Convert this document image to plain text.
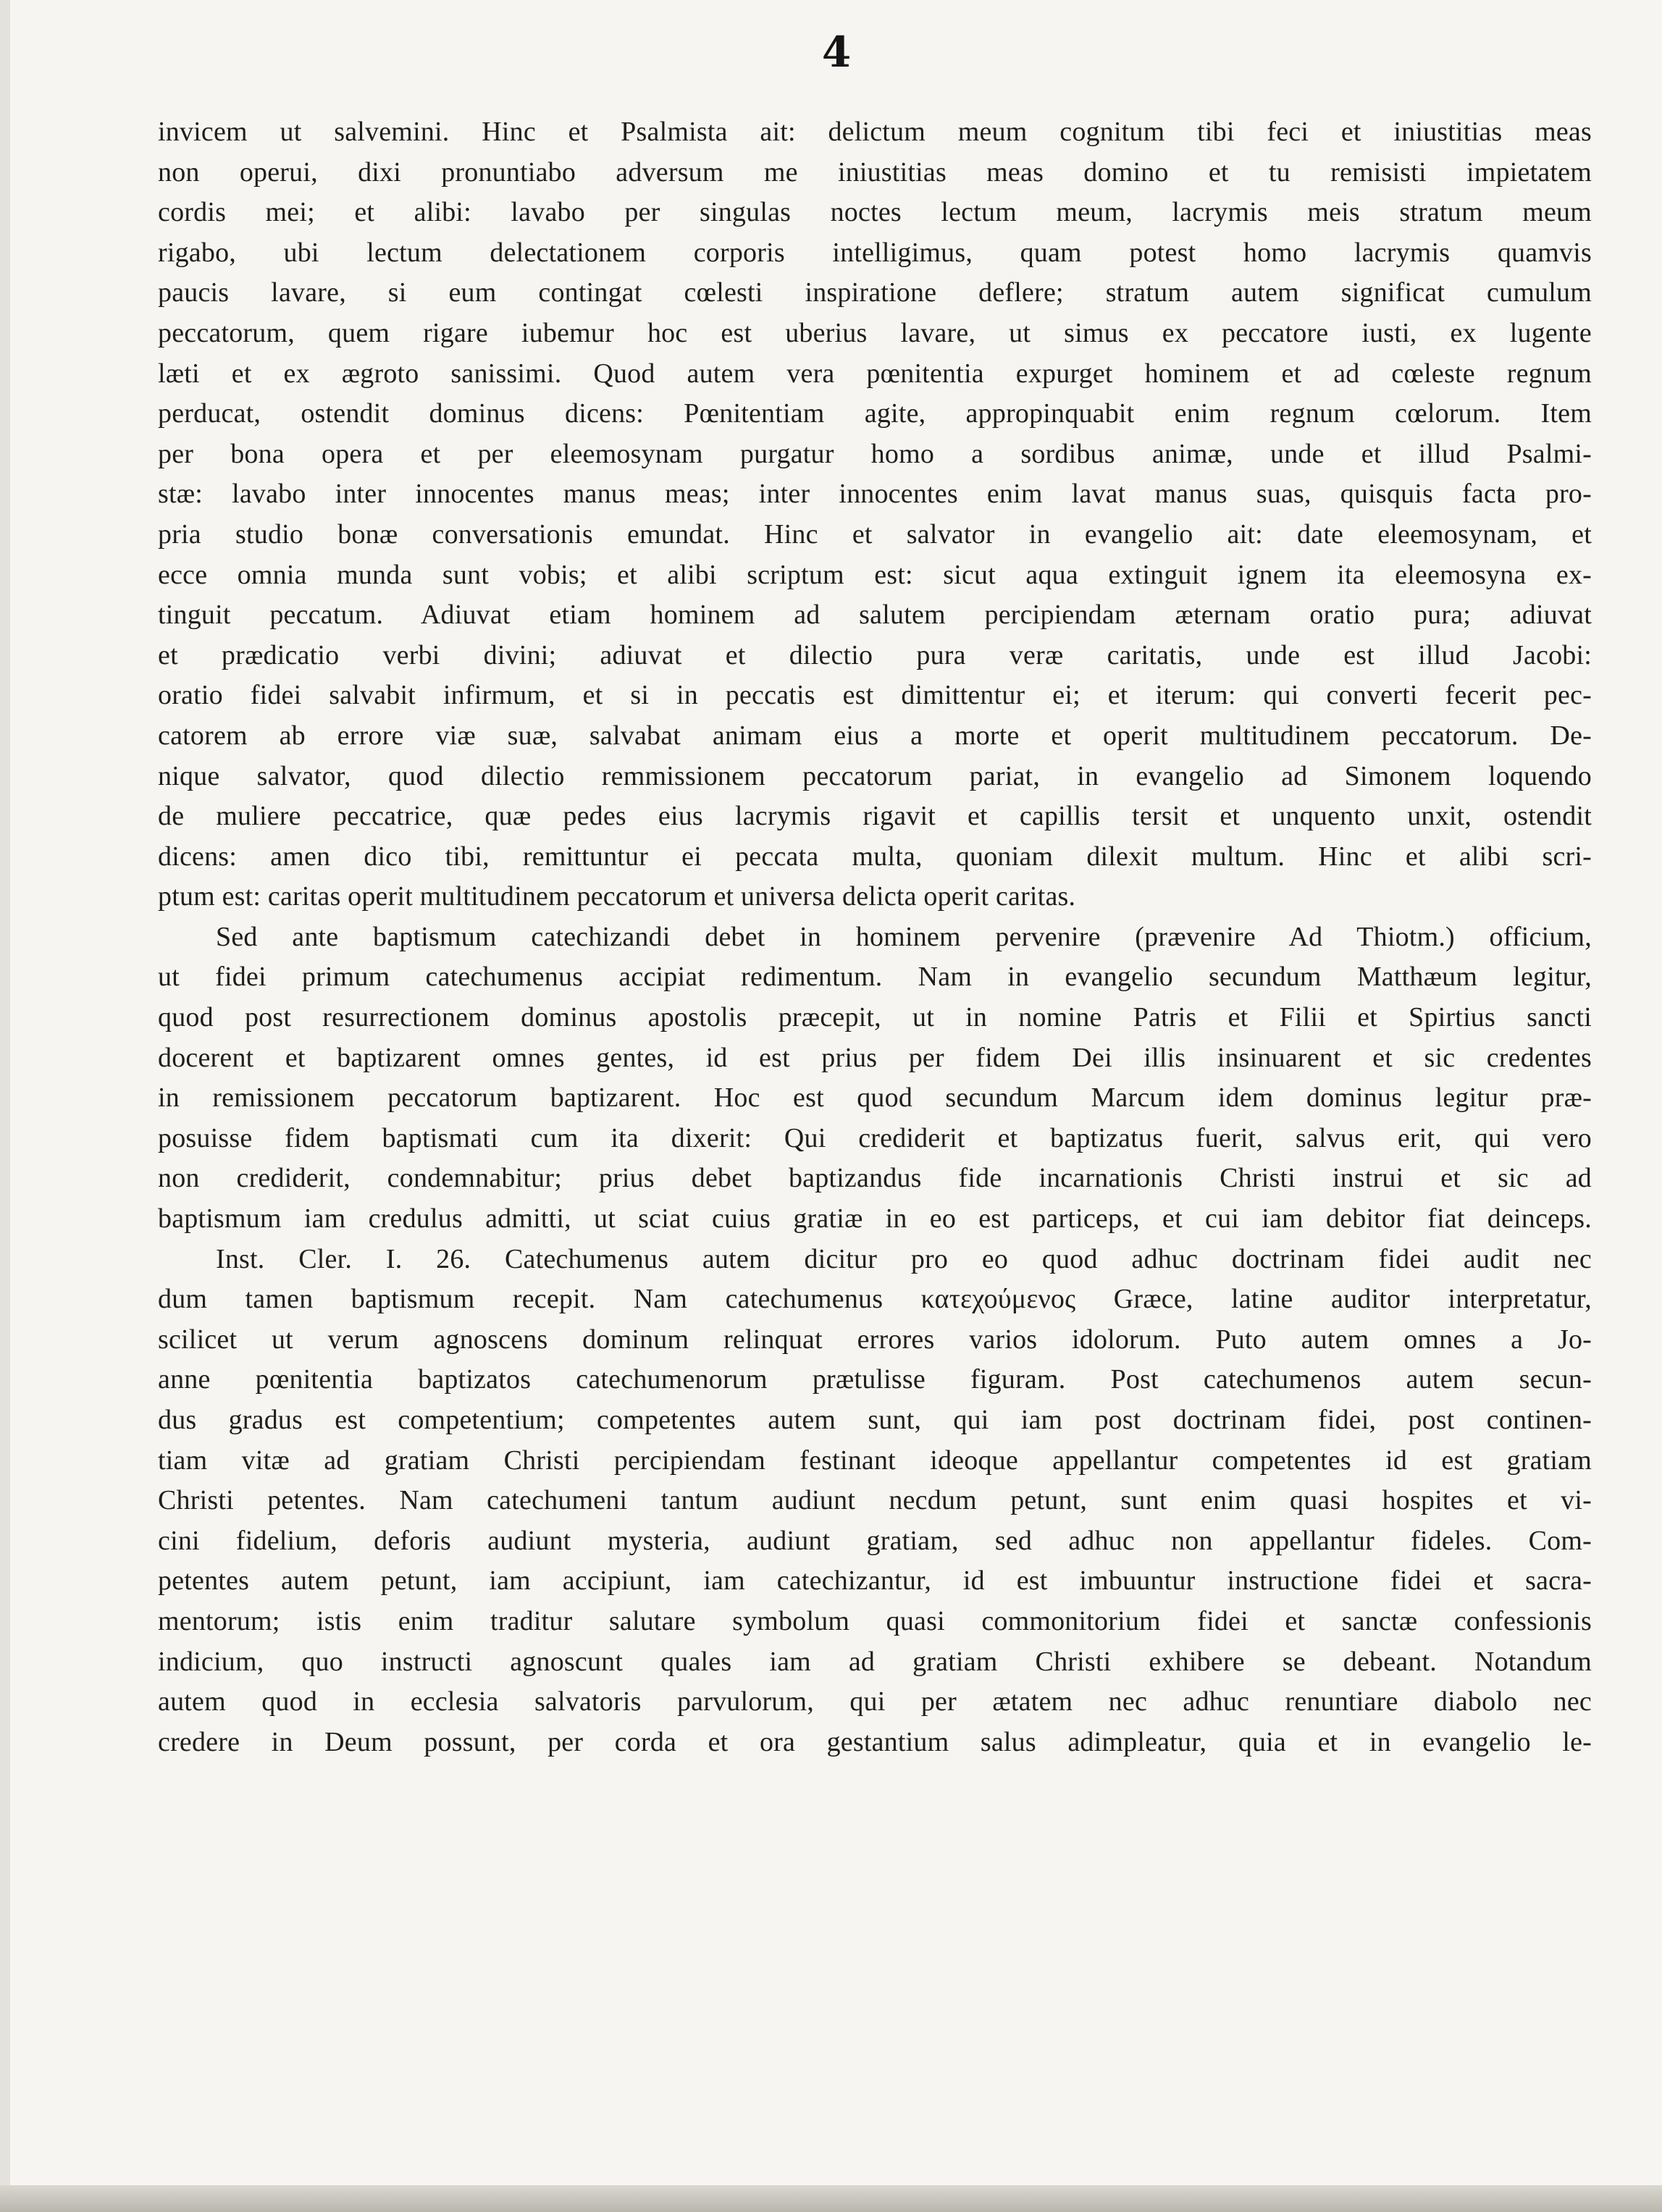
4
invicem ut salvemini. Hinc et Psalmista ait: delictum meum cognitum tibi feci et iniustitias meas
non operui, dixi pronuntiabo adversum me iniustitias meas domino et tu remisisti impietatem
cordis mei; et alibi: lavabo per singulas noctes lectum meum, lacrymis meis stratum meum
rigabo, ubi lectum delectationem corporis intelligimus, quam potest homo lacrymis quamvis
paucis lavare, si eum contingat cœlesti inspiratione deflere; stratum autem significat cumulum
peccatorum, quem rigare iubemur hoc est uberius lavare, ut simus ex peccatore iusti, ex lugente
læti et ex ægroto sanissimi. Quod autem vera pœnitentia expurget hominem et ad cœleste regnum
perducat, ostendit dominus dicens: Pœnitentiam agite, appropinquabit enim regnum cœlorum. Item
per bona opera et per eleemosynam purgatur homo a sordibus animæ, unde et illud Psalmi-
stæ: lavabo inter innocentes manus meas; inter innocentes enim lavat manus suas, quisquis facta pro-
pria studio bonæ conversationis emundat. Hinc et salvator in evangelio ait: date eleemosynam, et
ecce omnia munda sunt vobis; et alibi scriptum est: sicut aqua extinguit ignem ita eleemosyna ex-
tinguit peccatum. Adiuvat etiam hominem ad salutem percipiendam æternam oratio pura; adiuvat
et prædicatio verbi divini; adiuvat et dilectio pura veræ caritatis, unde est illud Jacobi:
oratio fidei salvabit infirmum, et si in peccatis est dimittentur ei; et iterum: qui converti fecerit pec-
catorem ab errore viæ suæ, salvabat animam eius a morte et operit multitudinem peccatorum. De-
nique salvator, quod dilectio remmissionem peccatorum pariat, in evangelio ad Simonem loquendo
de muliere peccatrice, quæ pedes eius lacrymis rigavit et capillis tersit et unquento unxit, ostendit
dicens: amen dico tibi, remittuntur ei peccata multa, quoniam dilexit multum. Hinc et alibi scri-
ptum est: caritas operit multitudinem peccatorum et universa delicta operit caritas.
Sed ante baptismum catechizandi debet in hominem pervenire (prævenire Ad Thiotm.) officium,
ut fidei primum catechumenus accipiat redimentum. Nam in evangelio secundum Matthæum legitur,
quod post resurrectionem dominus apostolis præcepit, ut in nomine Patris et Filii et Spirtius sancti
docerent et baptizarent omnes gentes, id est prius per fidem Dei illis insinuarent et sic credentes
in remissionem peccatorum baptizarent. Hoc est quod secundum Marcum idem dominus legitur præ-
posuisse fidem baptismati cum ita dixerit: Qui crediderit et baptizatus fuerit, salvus erit, qui vero
non crediderit, condemnabitur; prius debet baptizandus fide incarnationis Christi instrui et sic ad
baptismum iam credulus admitti, ut sciat cuius gratiæ in eo est particeps, et cui iam debitor fiat deinceps.
Inst. Cler. I. 26. Catechumenus autem dicitur pro eo quod adhuc doctrinam fidei audit nec
dum tamen baptismum recepit. Nam catechumenus κατεχούμενος Græce, latine auditor interpretatur,
scilicet ut verum agnoscens dominum relinquat errores varios idolorum. Puto autem omnes a Jo-
anne pœnitentia baptizatos catechumenorum prætulisse figuram. Post catechumenos autem secun-
dus gradus est competentium; competentes autem sunt, qui iam post doctrinam fidei, post continen-
tiam vitæ ad gratiam Christi percipiendam festinant ideoque appellantur competentes id est gratiam
Christi petentes. Nam catechumeni tantum audiunt necdum petunt, sunt enim quasi hospites et vi-
cini fidelium, deforis audiunt mysteria, audiunt gratiam, sed adhuc non appellantur fideles. Com-
petentes autem petunt, iam accipiunt, iam catechizantur, id est imbuuntur instructione fidei et sacra-
mentorum; istis enim traditur salutare symbolum quasi commonitorium fidei et sanctæ confessionis
indicium, quo instructi agnoscunt quales iam ad gratiam Christi exhibere se debeant. Notandum
autem quod in ecclesia salvatoris parvulorum, qui per ætatem nec adhuc renuntiare diabolo nec
credere in Deum possunt, per corda et ora gestantium salus adimpleatur, quia et in evangelio le-
